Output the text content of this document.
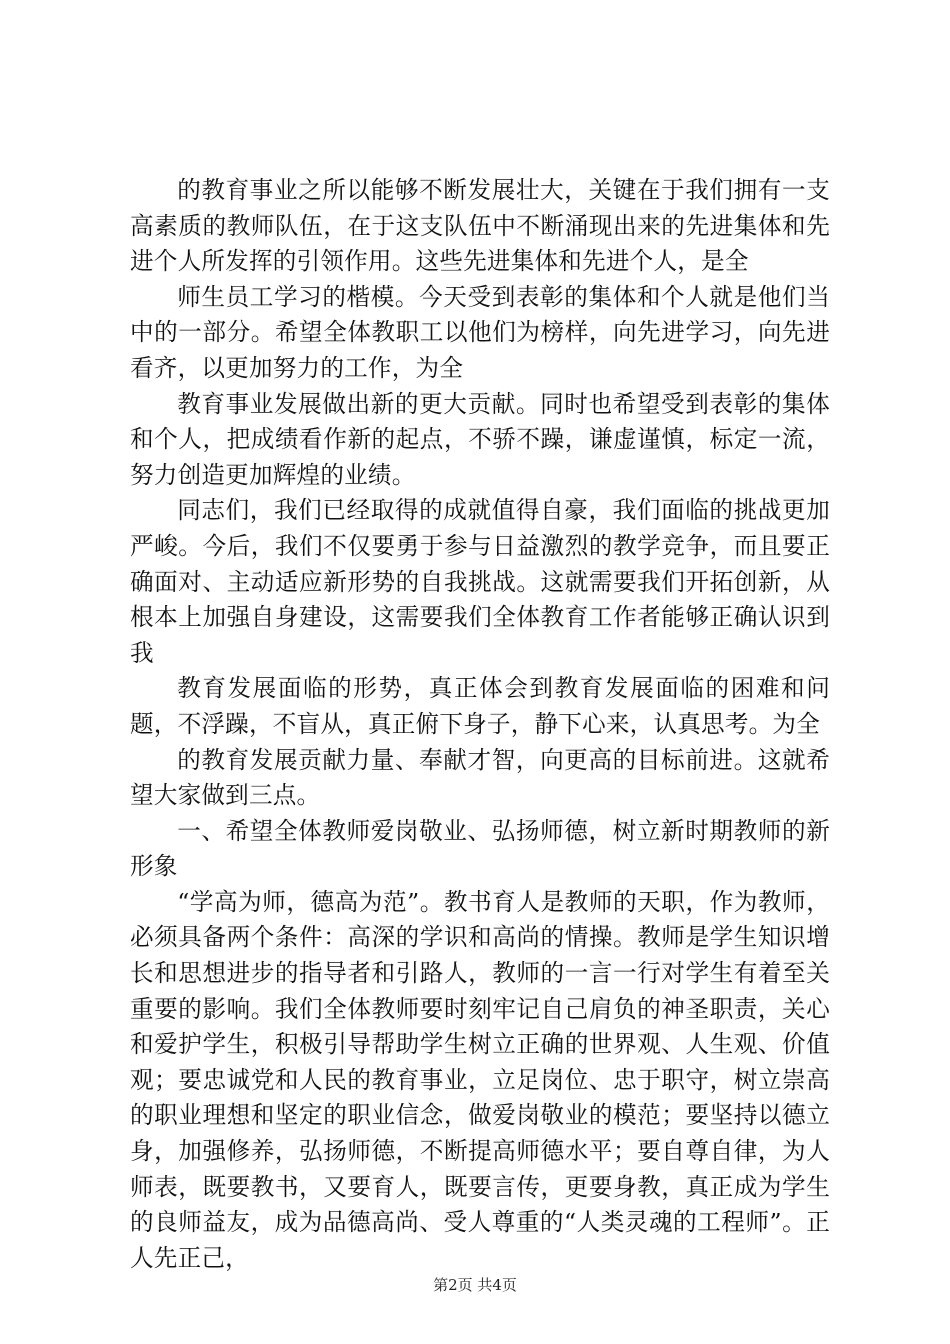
的教育事业之所以能够不断发展壮大，关键在于我们拥有一支高素质的教师队伍，在于这支队伍中不断涌现出来的先进集体和先进个人所发挥的引领作用。这些先进集体和先进个人，是全

师生员工学习的楷模。今天受到表彰的集体和个人就是他们当中的一部分。希望全体教职工以他们为榜样，向先进学习，向先进看齐，以更加努力的工作，为全

教育事业发展做出新的更大贡献。同时也希望受到表彰的集体和个人，把成绩看作新的起点，不骄不躁，谦虚谨慎，标定一流，努力创造更加辉煌的业绩。

同志们，我们已经取得的成就值得自豪，我们面临的挑战更加严峻。今后，我们不仅要勇于参与日益激烈的教学竞争，而且要正确面对、主动适应新形势的自我挑战。这就需要我们开拓创新，从根本上加强自身建设，这需要我们全体教育工作者能够正确认识到我

教育发展面临的形势，真正体会到教育发展面临的困难和问题，不浮躁，不盲从，真正俯下身子，静下心来，认真思考。为全

的教育发展贡献力量、奉献才智，向更高的目标前进。这就希望大家做到三点。

一、希望全体教师爱岗敬业、弘扬师德，树立新时期教师的新形象

“学高为师，德高为范”。教书育人是教师的天职，作为教师，必须具备两个条件：高深的学识和高尚的情操。教师是学生知识增长和思想进步的指导者和引路人，教师的一言一行对学生有着至关重要的影响。我们全体教师要时刻牢记自己肩负的神圣职责，关心和爱护学生，积极引导帮助学生树立正确的世界观、人生观、价值观；要忠诚党和人民的教育事业，立足岗位、忠于职守，树立崇高的职业理想和坚定的职业信念，做爱岗敬业的模范；要坚持以德立身，加强修养，弘扬师德，不断提高师德水平；要自尊自律，为人师表，既要教书，又要育人，既要言传，更要身教，真正成为学生的良师益友，成为品德高尚、受人尊重的“人类灵魂的工程师”。正人先正己，

第2页 共4页
